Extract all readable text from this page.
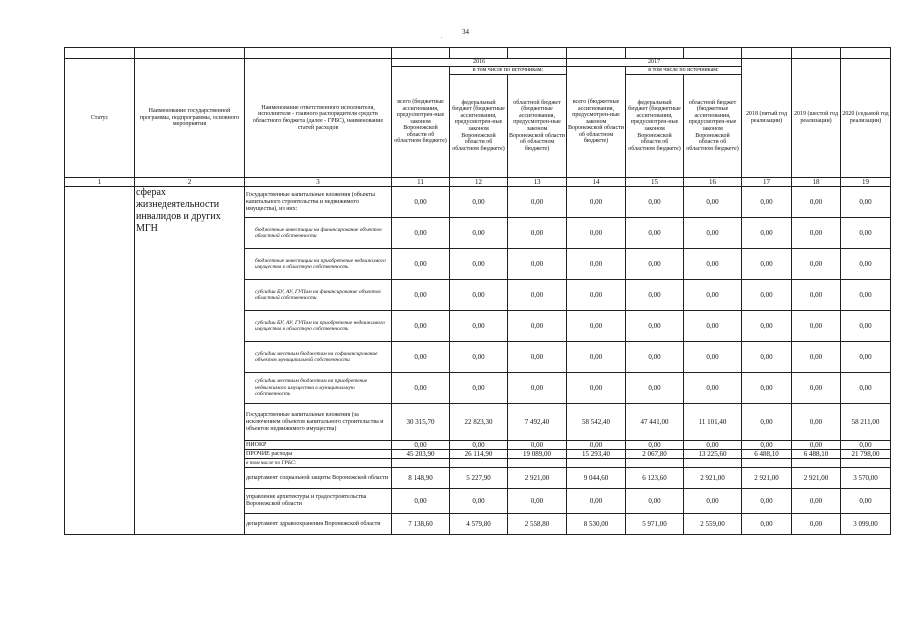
34
.

Статус	Наименование государственной программы, подпрограммы, основного мероприятия	Наименование ответственного исполнителя, исполнителя - главного распорядителя средств областного бюджета (далее - ГРБС), наименование статей расходов	2016			2017			2018 (пятый год реализации)	2019 (шестой год реализации)	2020 (седьмой год реализации)
			всего (бюджетные ассигнования, предусмотрен-ные законом Воронежской области об областном бюджете)	в том числе по источникам:		всего (бюджетные ассигнования, предусмотрен-ные законом Воронежской области об областном бюджете)	в том числе по источникам:				
				федеральный бюджет (бюджетные ассигнования, предусмотрен-ные законом Воронежской области об областном бюджете)	областной бюджет (бюджетные ассигнования, предусмотрен-ные законом Воронежской области об областном бюджете)		федеральный бюджет (бюджетные ассигнования, предусмотрен-ные законом Воронежской области об областном бюджете)	областной бюджет (бюджетные ассигнования, предусмотрен-ные законом Воронежской области об областном бюджете)			
1	2	3	11	12	13	14	15	16	17	18	19
	сферах жизнедеятельности инвалидов и других МГН	Государственные капитальные вложения (объекты капитального строительства и недвижимого имущества), из них:	0,00	0,00	0,00	0,00	0,00	0,00	0,00	0,00	0,00
		бюджетные инвестиции на финансирование объектов областной собственности	0,00	0,00	0,00	0,00	0,00	0,00	0,00	0,00	0,00
		бюджетные инвестиции на приобретение недвижимого имущества в областную собственность	0,00	0,00	0,00	0,00	0,00	0,00	0,00	0,00	0,00
		субсидии БУ, АУ, ГУПам на финансирование объектов областной собственности	0,00	0,00	0,00	0,00	0,00	0,00	0,00	0,00	0,00
		субсидии БУ, АУ, ГУПам на приобретение недвижимого имущества в областную собственность	0,00	0,00	0,00	0,00	0,00	0,00	0,00	0,00	0,00
		субсидии местным бюджетам на софинансирование объектов муниципальной собственности	0,00	0,00	0,00	0,00	0,00	0,00	0,00	0,00	0,00
		субсидии местным бюджетам на приобретение недвижимого имущества в муниципальную собственность	0,00	0,00	0,00	0,00	0,00	0,00	0,00	0,00	0,00
		Государственные капитальные вложения (за исключением объектов капитального строительства и объектов недвижимого имущества)	30 315,70	22 823,30	7 492,40	58 542,40	47 441,00	11 101,40	0,00	0,00	58 211,00
		НИОКР	0,00	0,00	0,00	0,00	0,00	0,00	0,00	0,00	0,00
		ПРОЧИЕ расходы	45 203,90	26 114,90	19 089,00	15 293,40	2 067,80	13 225,60	6 488,10	6 488,10	21 798,00
		в том числе по ГРБС:									
		департамент социальной защиты Воронежской области	8 148,90	5 227,90	2 921,00	9 044,60	6 123,60	2 921,00	2 921,00	2 921,00	3 570,00
		управление архитектуры и градостроительства Воронежской области	0,00	0,00	0,00	0,00	0,00	0,00	0,00	0,00	0,00
		департамент здравоохранения Воронежской области	7 138,60	4 579,80	2 558,80	8 530,00	5 971,00	2 559,00	0,00	0,00	3 099,00
